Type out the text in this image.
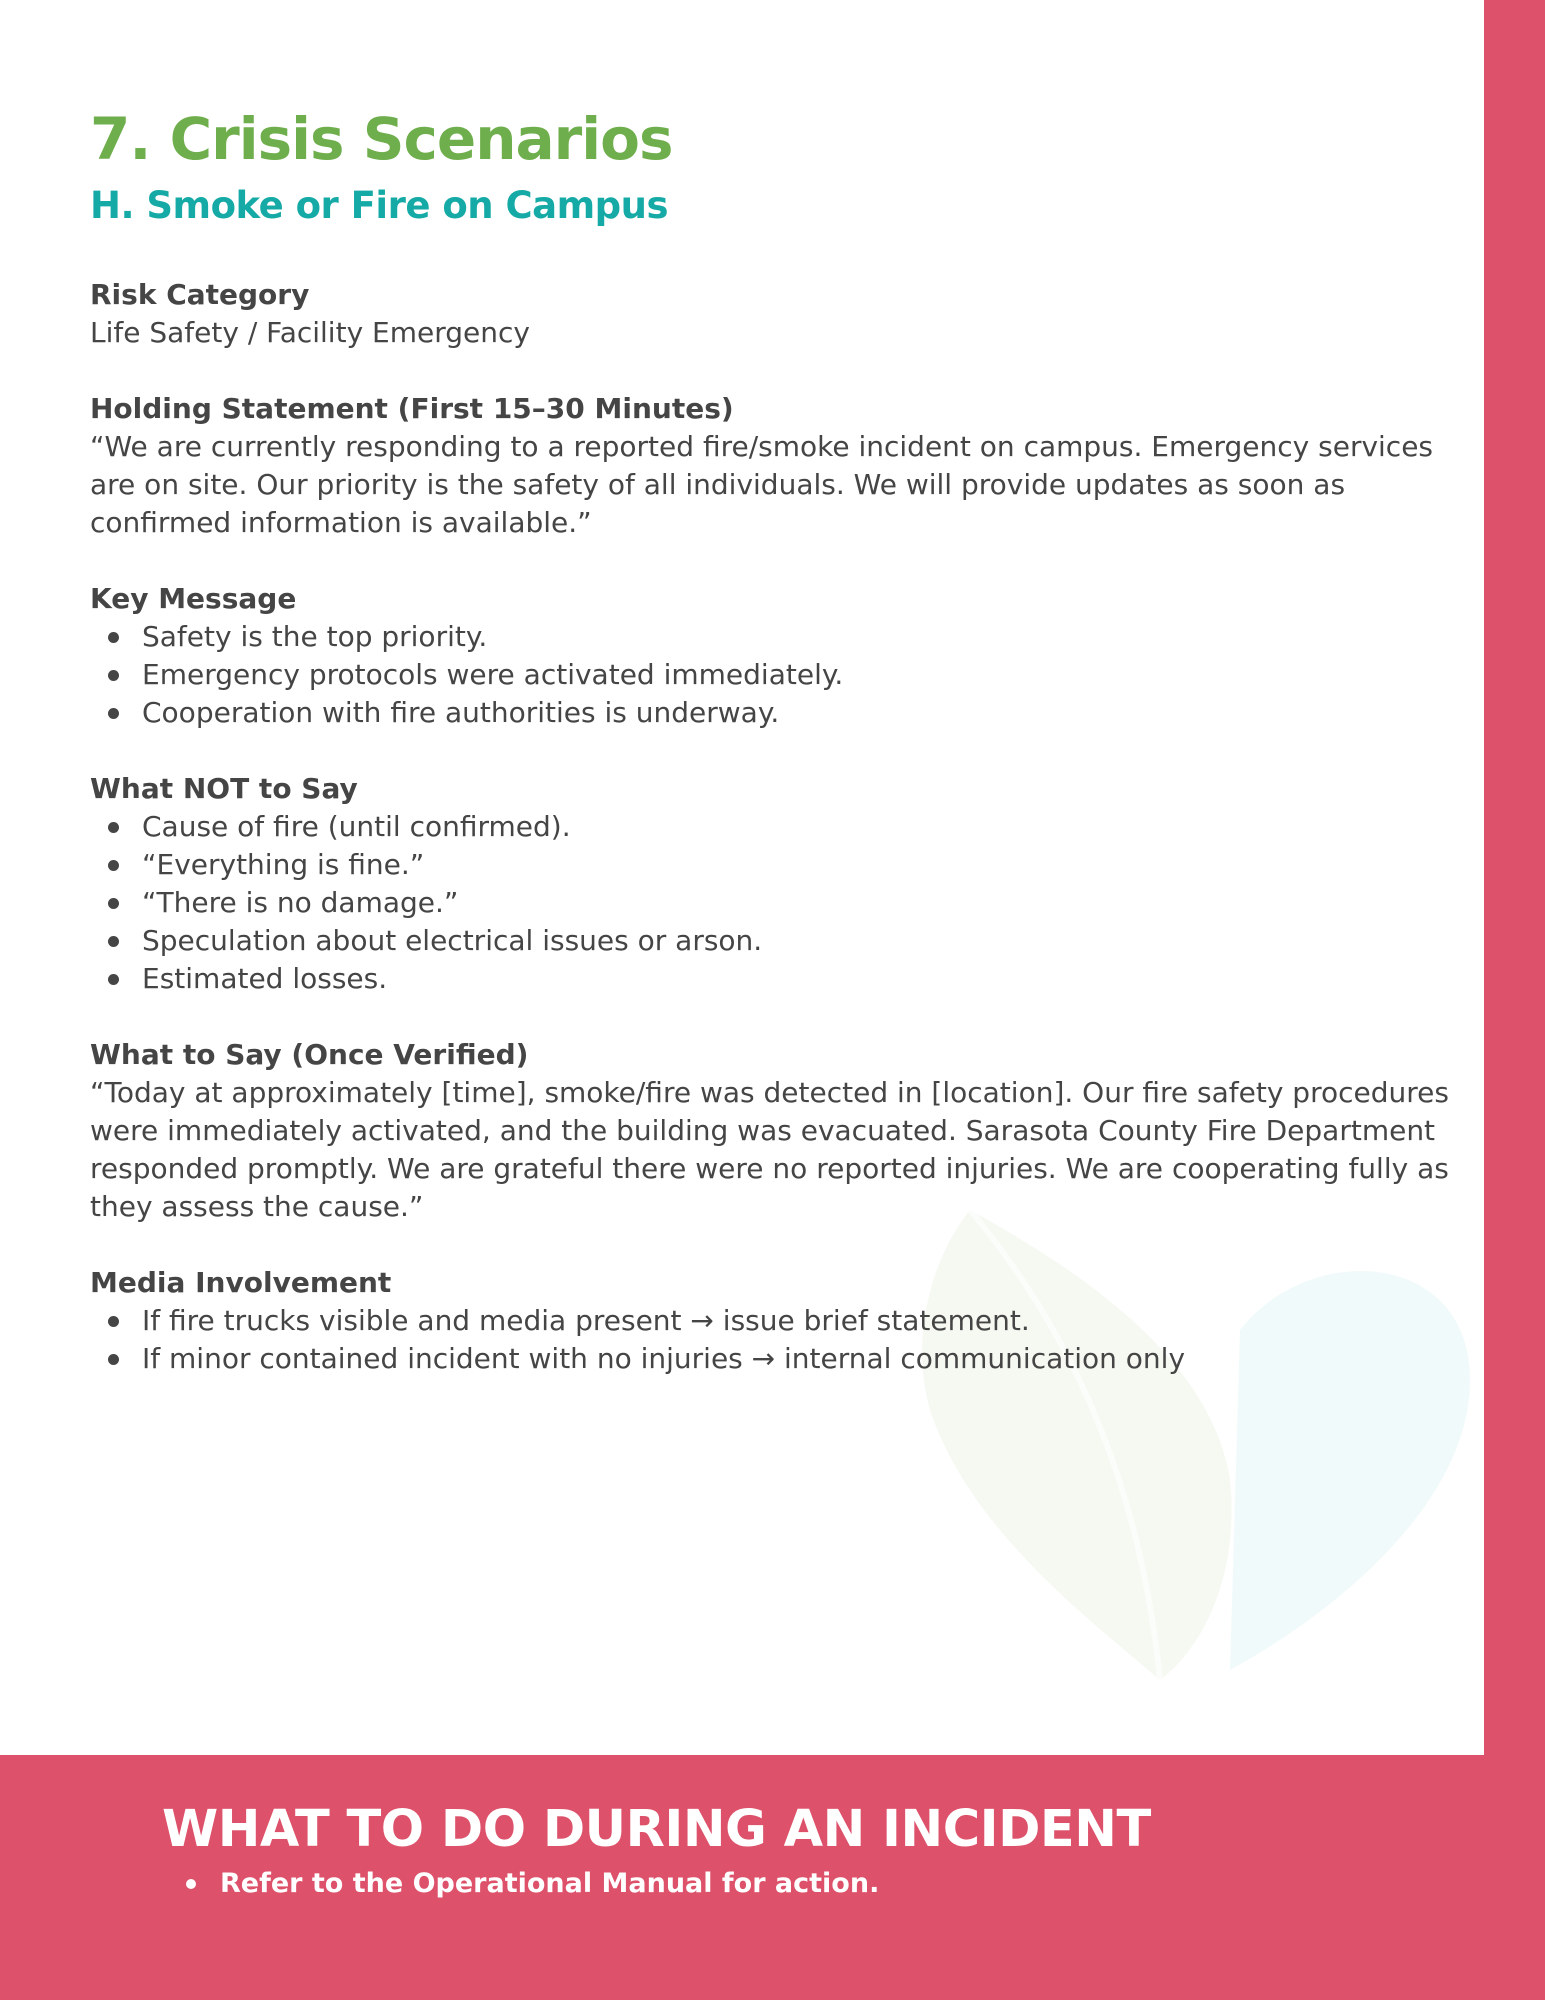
7. Crisis Scenarios
H. Smoke or Fire on Campus

Risk Category

Life Safety / Facility Emergency

Holding Statement (First 15–30 Minutes)

“We are currently responding to a reported fire/smoke incident on campus. Emergency services are on site. Our priority is the safety of all individuals. We will provide updates as soon as confirmed information is available.”

Key Message

Safety is the top priority.
Emergency protocols were activated immediately.
Cooperation with fire authorities is underway.

What NOT to Say

Cause of fire (until confirmed).
“Everything is fine.”
“There is no damage.”
Speculation about electrical issues or arson.
Estimated losses.

What to Say (Once Verified)

“Today at approximately [time], smoke/fire was detected in [location]. Our fire safety procedures were immediately activated, and the building was evacuated. Sarasota County Fire Department responded promptly. We are grateful there were no reported injuries. We are cooperating fully as they assess the cause.”

Media Involvement

If fire trucks visible and media present → issue brief statement.
If minor contained incident with no injuries → internal communication only
WHAT TO DO DURING AN INCIDENT
Refer to the Operational Manual for action.
